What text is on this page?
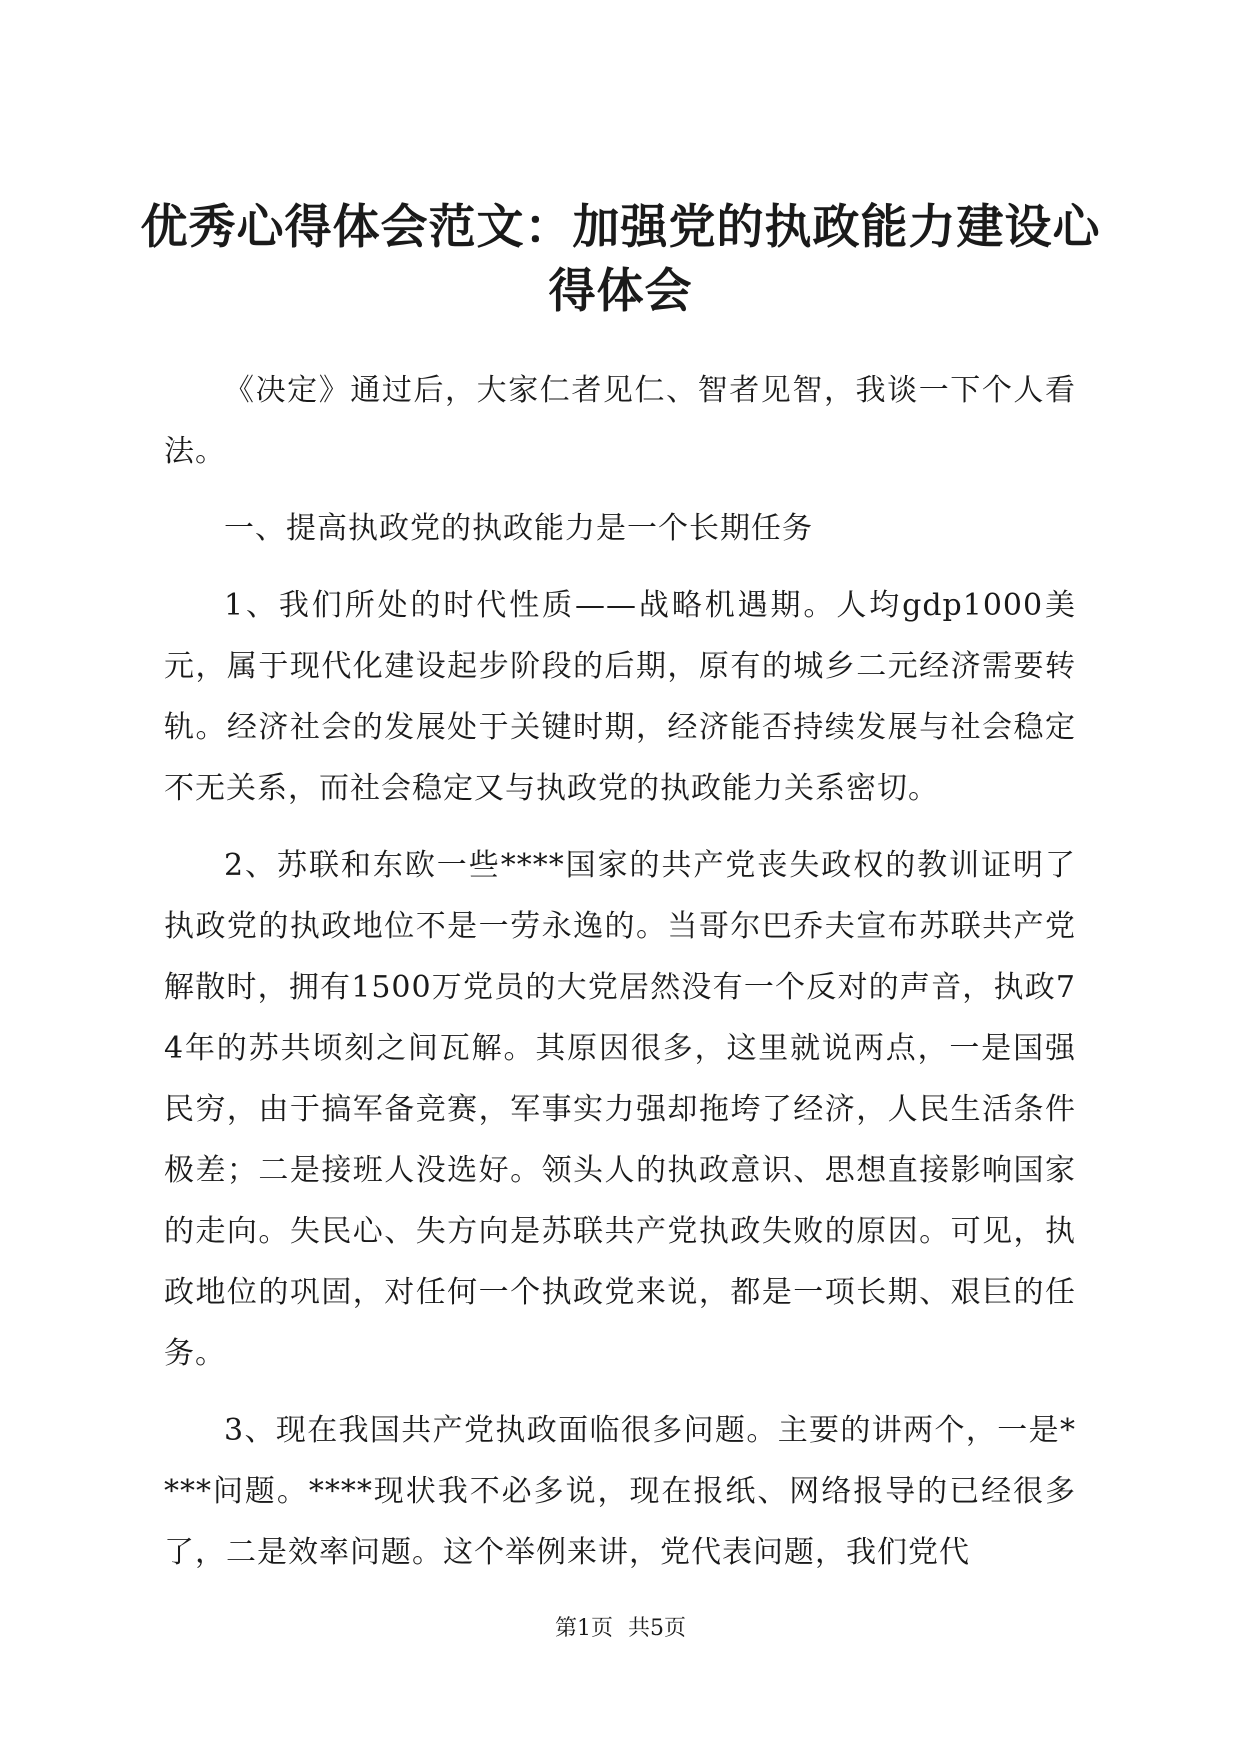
优秀心得体会范文：加强党的执政能力建设心得体会

《决定》通过后，大家仁者见仁、智者见智，我谈一下个人看法。

一、提高执政党的执政能力是一个长期任务

1、我们所处的时代性质——战略机遇期。人均gdp1000美元，属于现代化建设起步阶段的后期，原有的城乡二元经济需要转轨。经济社会的发展处于关键时期，经济能否持续发展与社会稳定不无关系，而社会稳定又与执政党的执政能力关系密切。

2、苏联和东欧一些****国家的共产党丧失政权的教训证明了执政党的执政地位不是一劳永逸的。当哥尔巴乔夫宣布苏联共产党解散时，拥有1500万党员的大党居然没有一个反对的声音，执政74年的苏共顷刻之间瓦解。其原因很多，这里就说两点，一是国强民穷，由于搞军备竞赛，军事实力强却拖垮了经济，人民生活条件极差；二是接班人没选好。领头人的执政意识、思想直接影响国家的走向。失民心、失方向是苏联共产党执政失败的原因。可见，执政地位的巩固，对任何一个执政党来说，都是一项长期、艰巨的任务。

3、现在我国共产党执政面临很多问题。主要的讲两个，一是****问题。****现状我不必多说，现在报纸、网络报导的已经很多了，二是效率问题。这个举例来讲，党代表问题，我们党代

第1页 共5页
